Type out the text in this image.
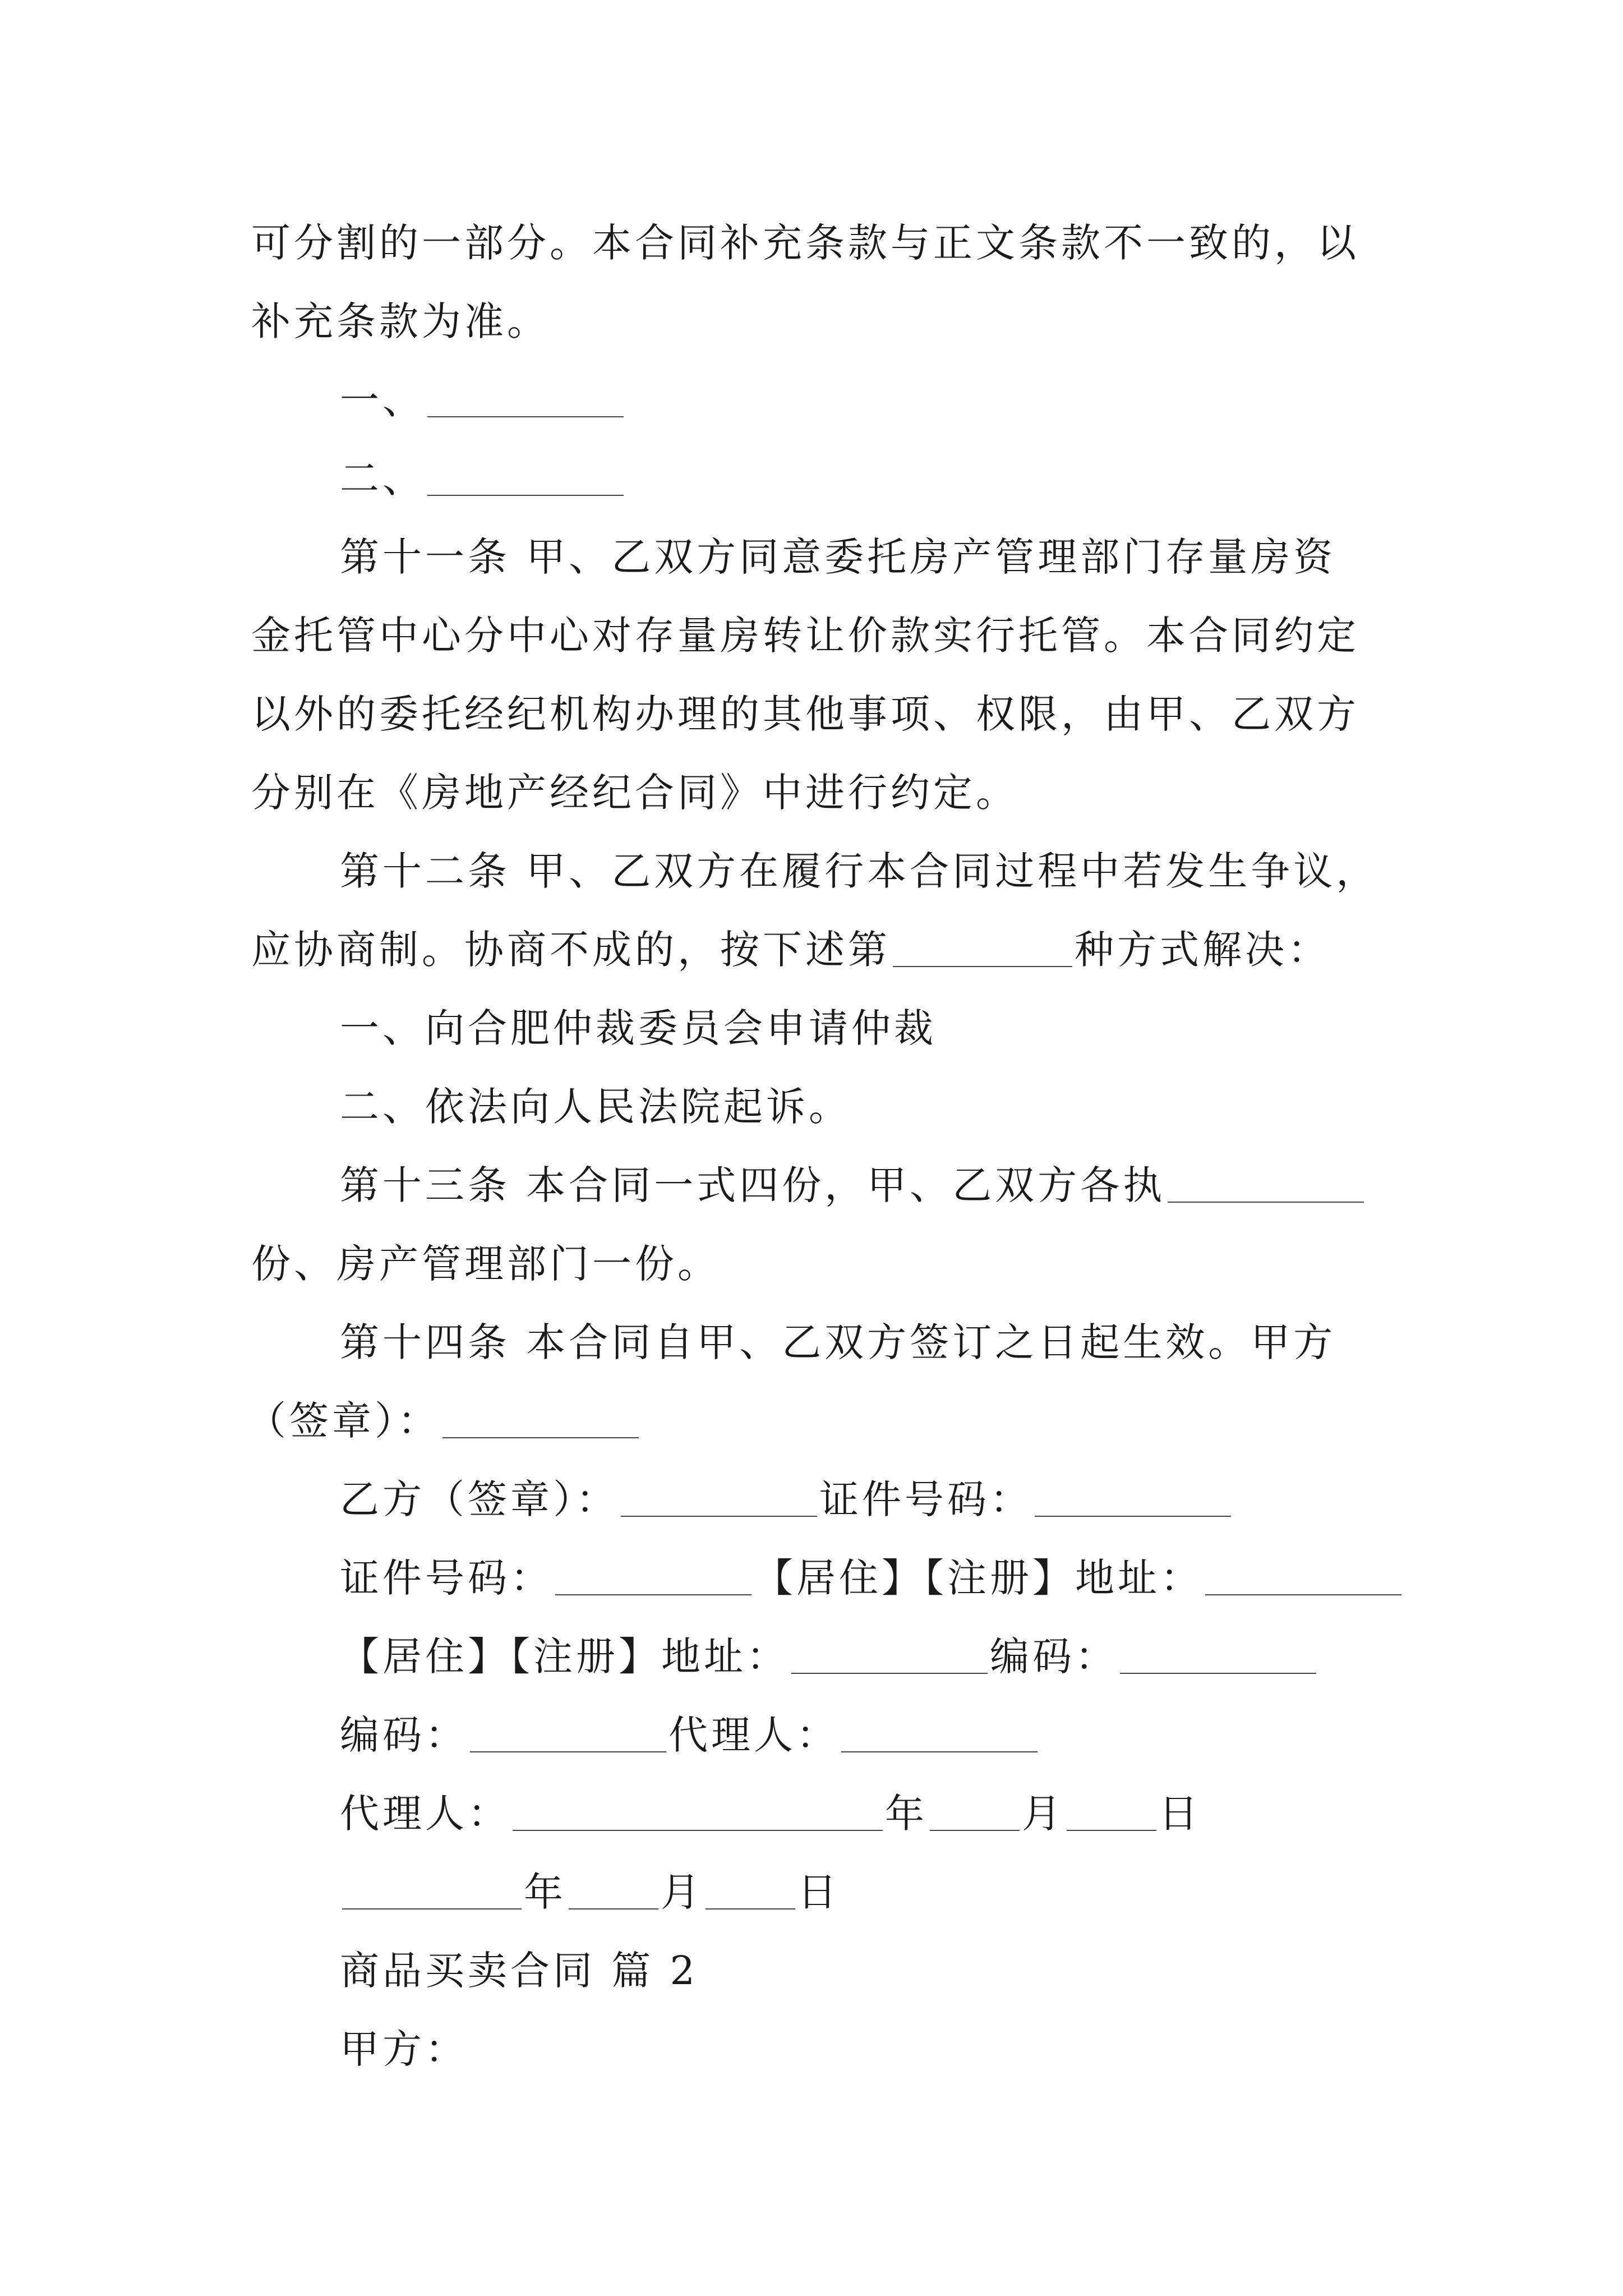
可分割的一部分。本合同补充条款与正文条款不一致的，以
补充条款为准。
一、
二、
第十一条 甲、乙双方同意委托房产管理部门存量房资
金托管中心分中心对存量房转让价款实行托管。本合同约定
以外的委托经纪机构办理的其他事项、权限，由甲、乙双方
分别在《房地产经纪合同》中进行约定。
第十二条 甲、乙双方在履行本合同过程中若发生争议，
应协商制。协商不成的，按下述第	种方式解决：
一、向合肥仲裁委员会申请仲裁
二、依法向人民法院起诉。
第十三条 本合同一式四份，甲、乙双方各执
份、房产管理部门一份。
第十四条 本合同自甲、乙双方签订之日起生效。甲方
（签章）：
乙方（签章）：	证件号码：
证件号码：	【居住】【注册】地址：
【居住】【注册】地址：	编码：
编码：	代理人：
代理人：	年 月 日
年 月 日
商品买卖合同 篇 2
甲方：
